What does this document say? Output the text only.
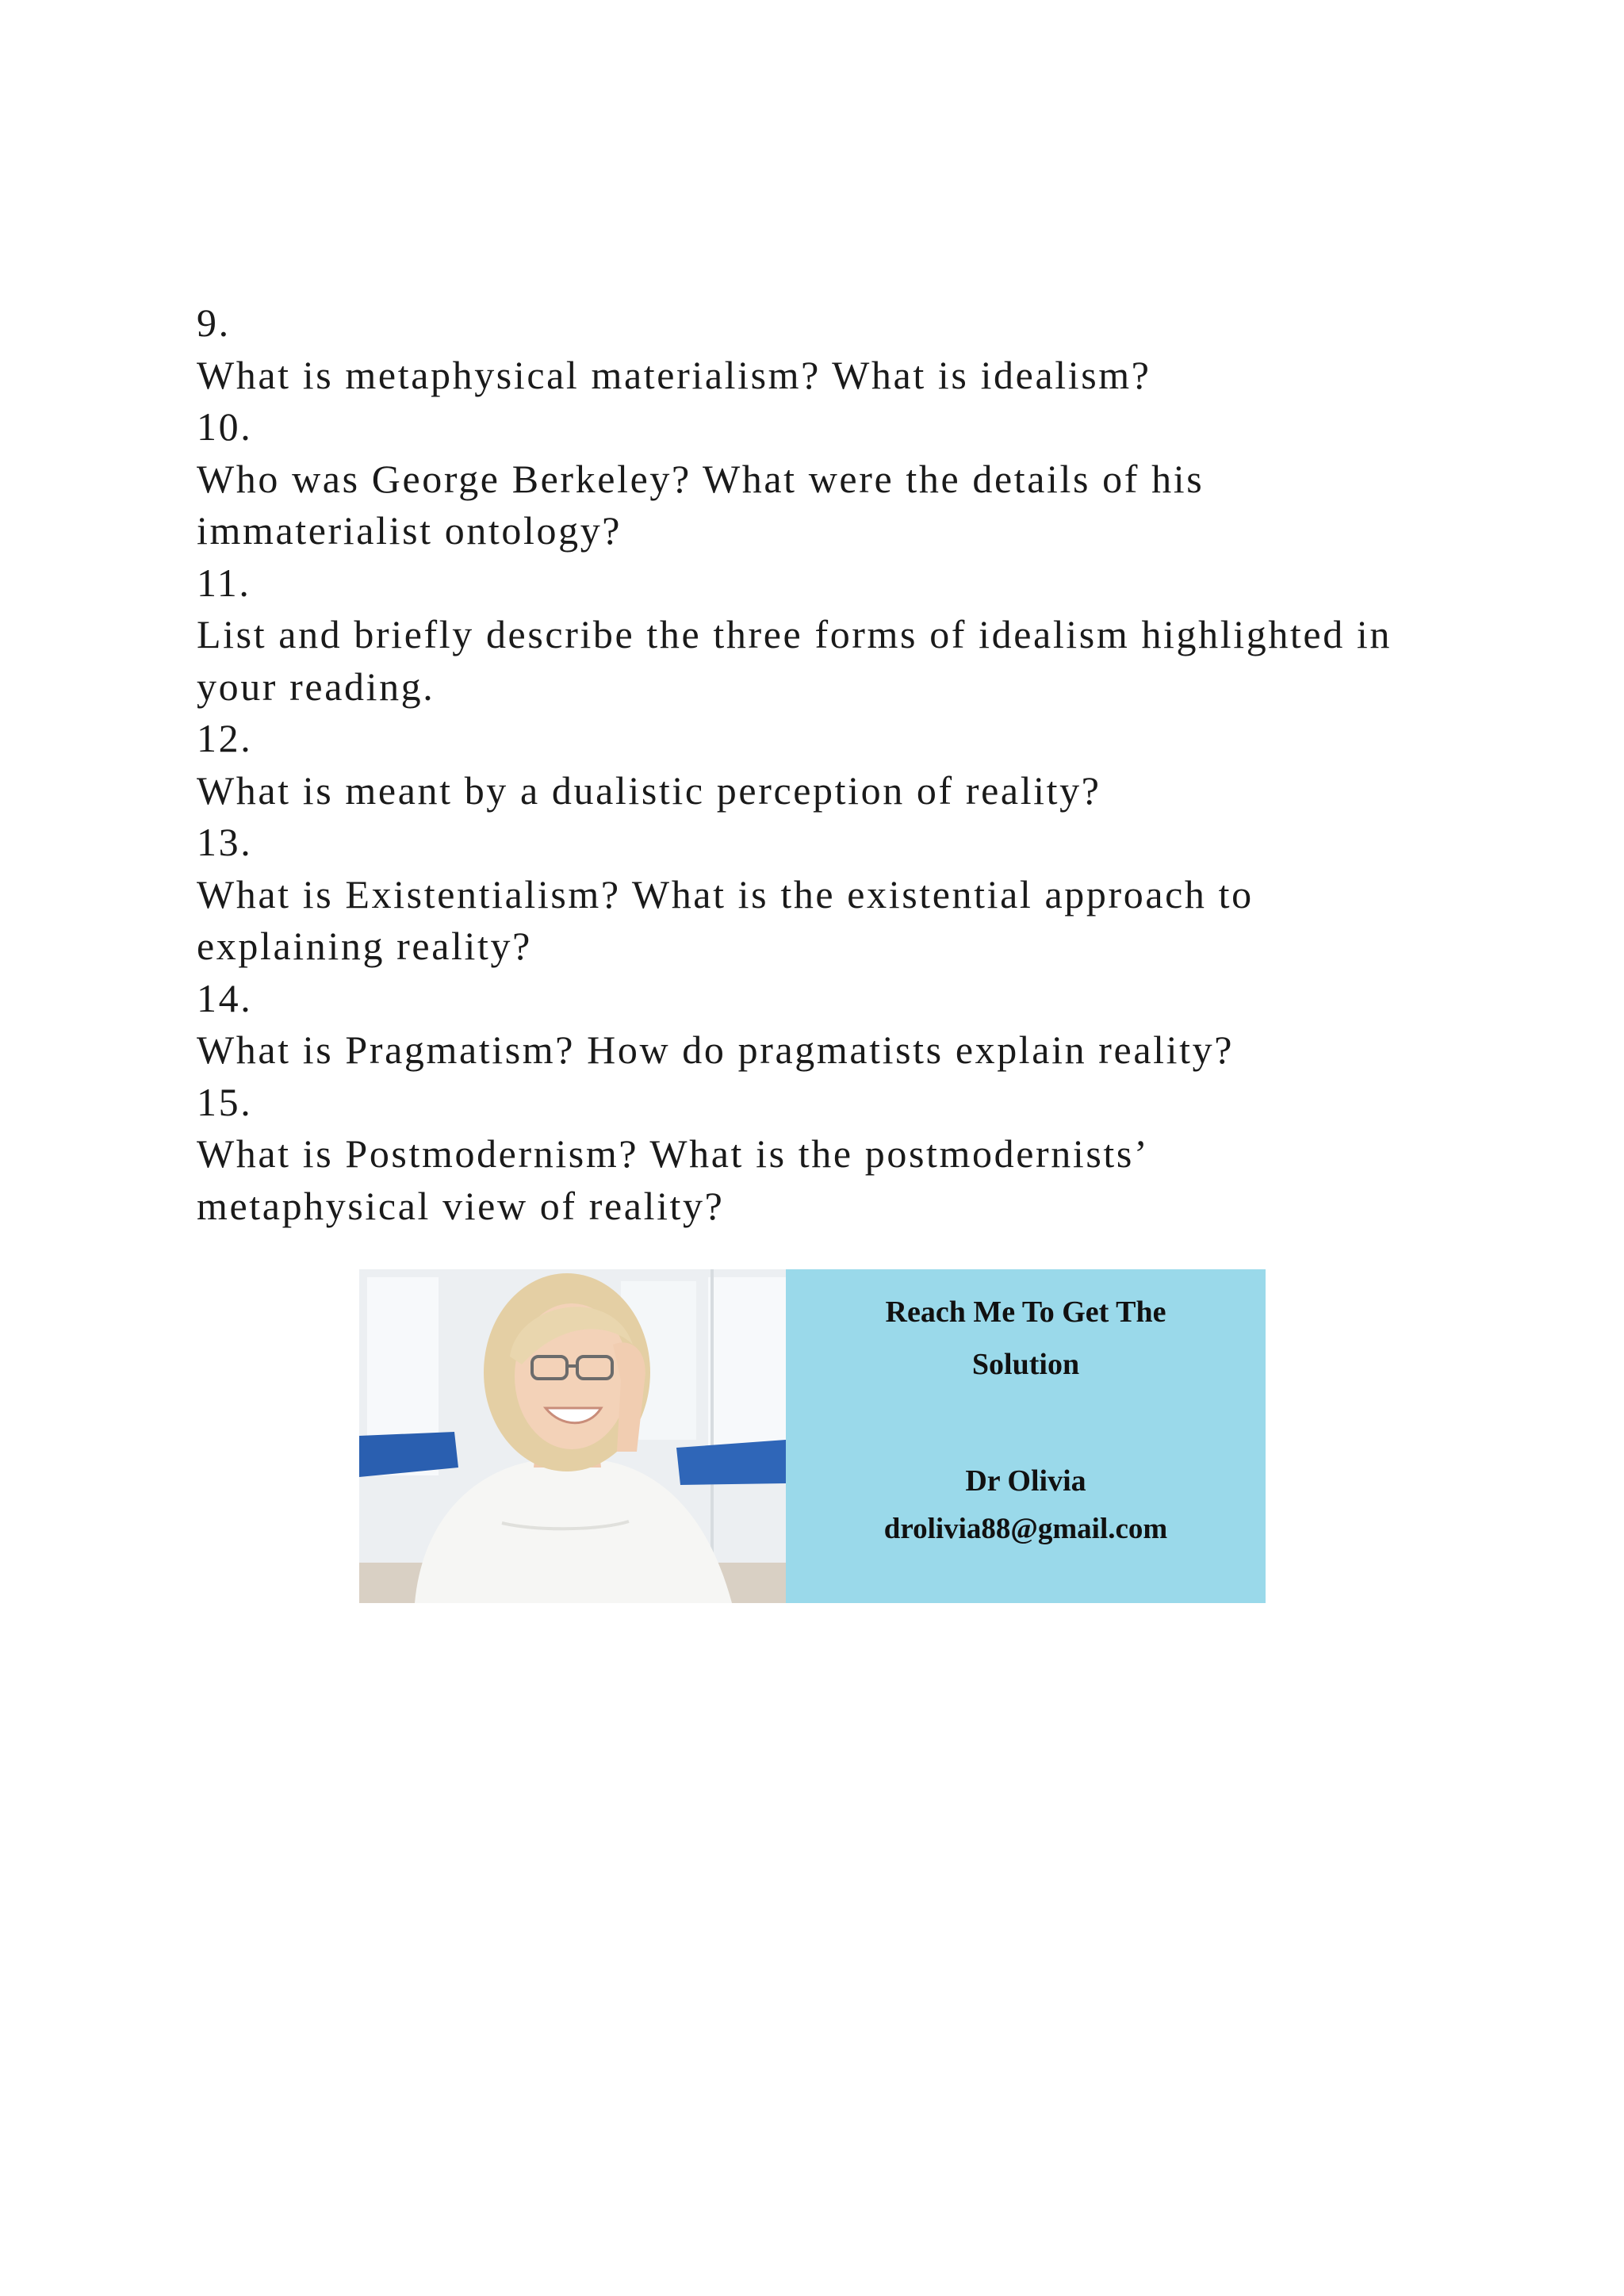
9.
What is metaphysical materialism? What is idealism?
10.
Who was George Berkeley? What were the details of his immaterialist ontology?
11.
List and briefly describe the three forms of idealism highlighted in your reading.
12.
What is meant by a dualistic perception of reality?
13.
What is Existentialism? What is the existential approach to explaining reality?
14.
What is Pragmatism? How do pragmatists explain reality?
15.
What is Postmodernism? What is the postmodernists’ metaphysical view of reality?
Reach Me To Get The
Solution
Dr Olivia
drolivia88@gmail.com
